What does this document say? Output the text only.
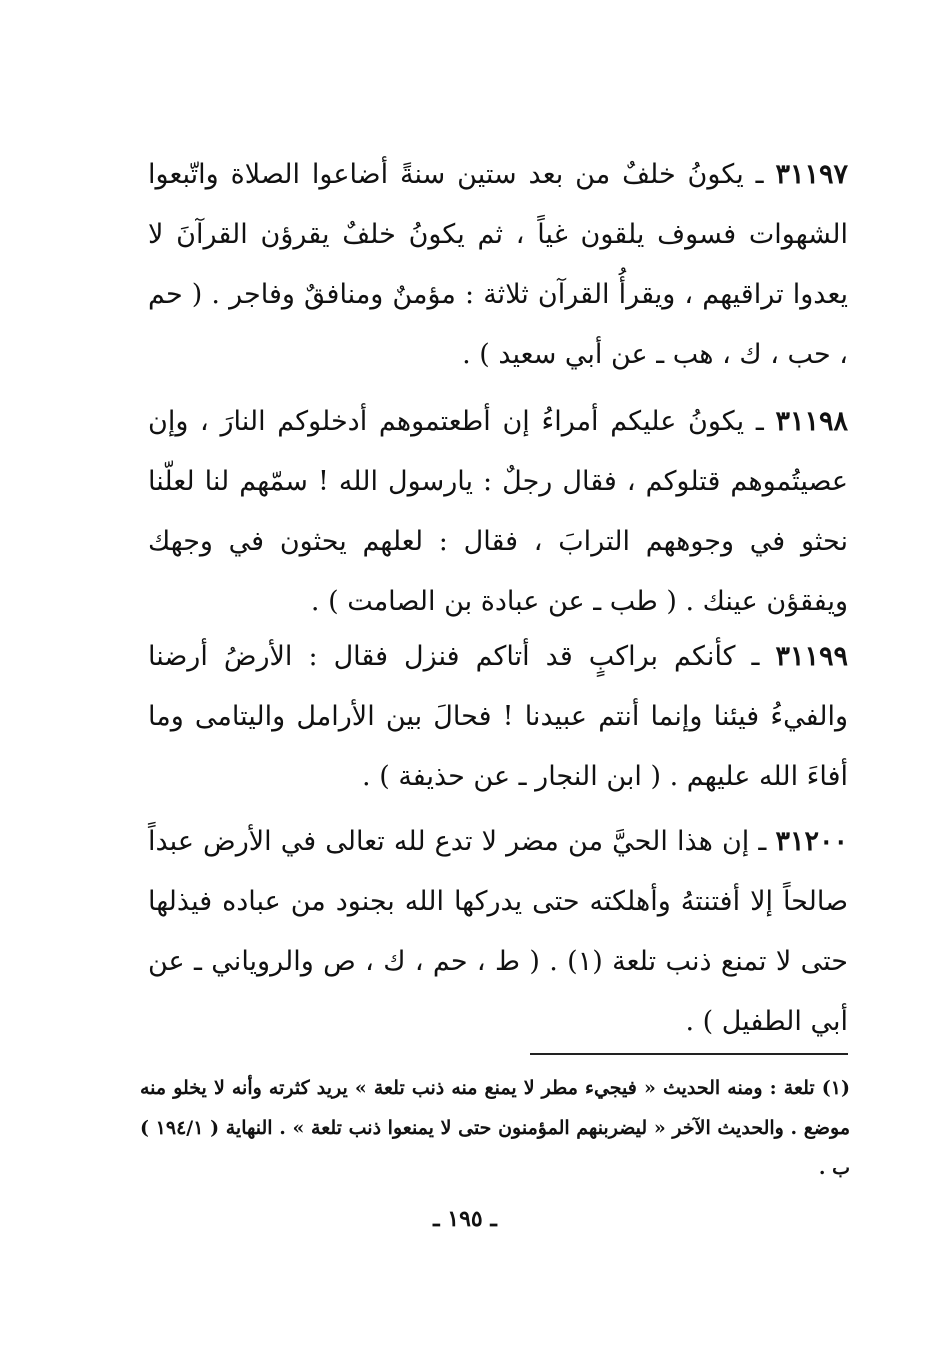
٣١١٩٧ ـ يكونُ خلفٌ من بعد ستين سنةً أضاعوا الصلاة واتّبعوا الشهوات فسوف يلقون غياً ، ثم يكونُ خلفٌ يقرؤن القرآنَ لا يعدوا تراقيهم ، ويقرأُ القرآن ثلاثة : مؤمنٌ ومنافقٌ وفاجر . ( حم ، حب ، ك ، هب ـ عن أبي سعيد ) .
٣١١٩٨ ـ يكونُ عليكم أمراءُ إن أطعتموهم أدخلوكم النارَ ، وإن عصيتُموهم قتلوكم ، فقال رجلٌ : يارسول الله ! سمّهم لنا لعلّنا نحثو في وجوههم الترابَ ، فقال : لعلهم يحثون في وجهك ويفقؤن عينك . ( طب ـ عن عبادة بن الصامت ) .
٣١١٩٩ ـ كأنكم براكبٍ قد أتاكم فنزل فقال : الأرضُ أرضنا والفيءُ فيئنا وإنما أنتم عبيدنا ! فحالَ بين الأرامل واليتامى وما أفاءَ الله عليهم . ( ابن النجار ـ عن حذيفة ) .
٣١٢٠٠ ـ إن هذا الحيَّ من مضر لا تدع لله تعالى في الأرض عبداً صالحاً إلا أفتنتهُ وأهلكته حتى يدركها الله بجنود من عباده فيذلها حتى لا تمنع ذنب تلعة (١) . ( ط ، حم ، ك ، ص والروياني ـ عن أبي الطفيل ) .
(١) تلعة : ومنه الحديث « فيجيء مطر لا يمنع منه ذنب تلعة » يريد كثرته وأنه لا يخلو منه موضع . والحديث الآخر « ليضربنهم المؤمنون حتى لا يمنعوا ذنب تلعة » . النهاية ( ١٩٤/١ ) ب .
ـ ١٩٥ ـ
